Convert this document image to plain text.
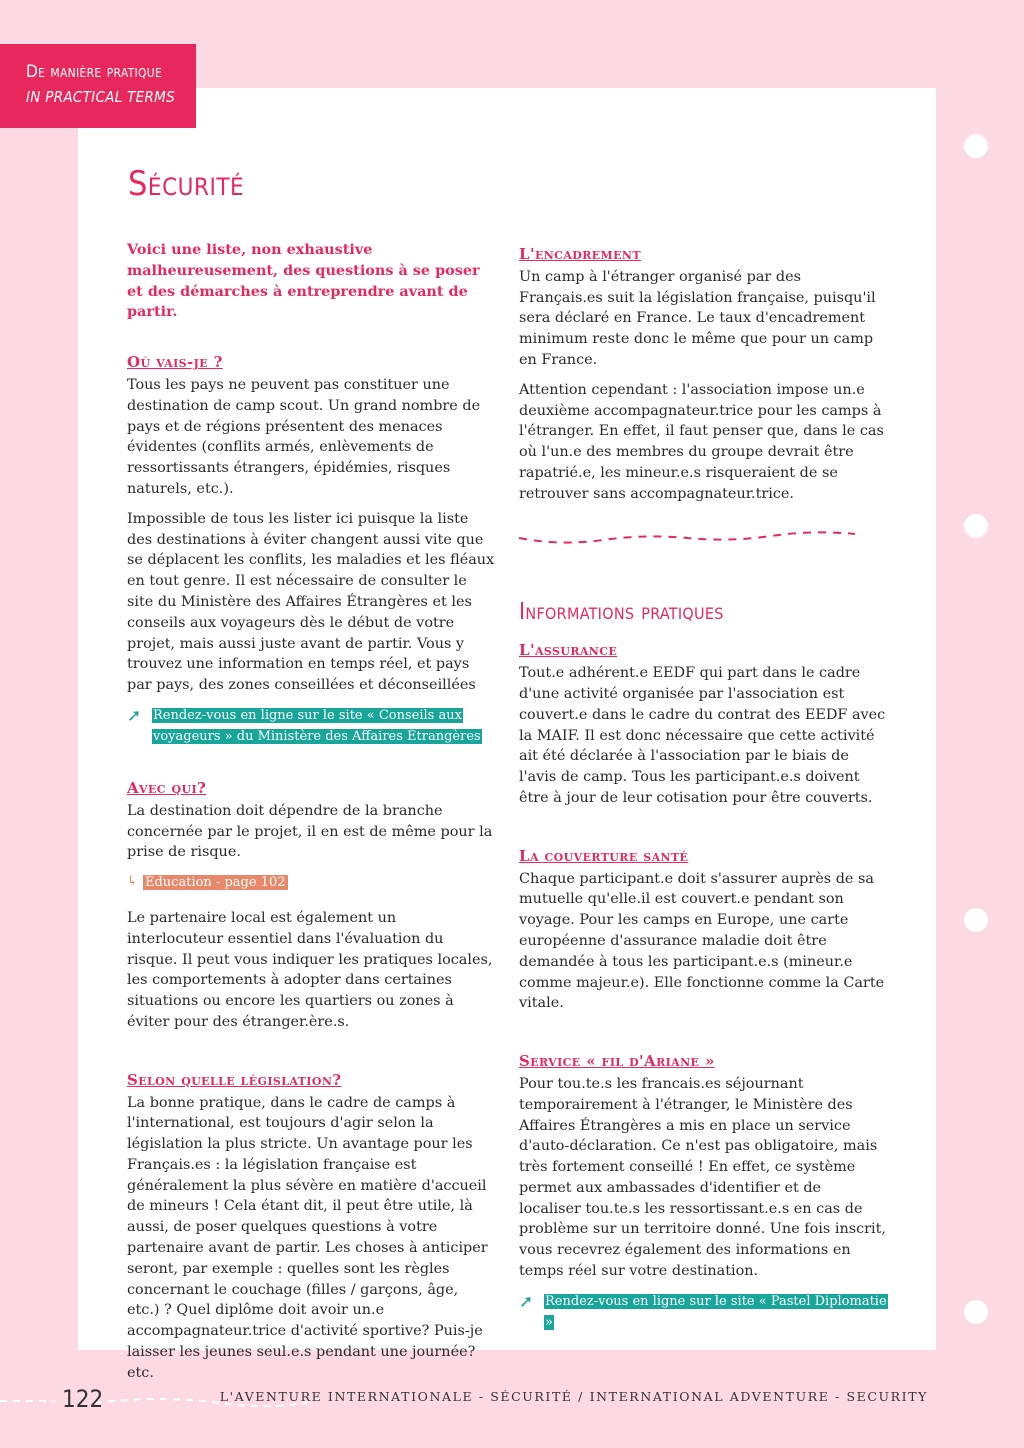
De manière pratique
IN PRACTICAL TERMS
Sécurité

Voici une liste, non exhaustive malheureusement, des questions à se poser et des démarches à entreprendre avant de partir.

Où vais-je ?

Tous les pays ne peuvent pas constituer une destination de camp scout. Un grand nombre de pays et de régions présentent des menaces évidentes (conflits armés, enlèvements de ressortissants étrangers, épidémies, risques naturels, etc.).

Impossible de tous les lister ici puisque la liste des destinations à éviter changent aussi vite que se déplacent les conflits, les maladies et les fléaux en tout genre. Il est nécessaire de consulter le site du Ministère des Affaires Étrangères et les conseils aux voyageurs dès le début de votre projet, mais aussi juste avant de partir. Vous y trouvez une information en temps réel, et pays par pays, des zones conseillées et déconseillées

➚ Rendez-vous en ligne sur le site « Conseils aux voyageurs » du Ministère des Affaires Étrangères
Avec qui?

La destination doit dépendre de la branche concernée par le projet, il en est de même pour la prise de risque.

↳ Éducation - page 102

Le partenaire local est également un interlocuteur essentiel dans l'évaluation du risque. Il peut vous indiquer les pratiques locales, les comportements à adopter dans certaines situations ou encore les quartiers ou zones à éviter pour des étranger.ère.s.

Selon quelle législation?

La bonne pratique, dans le cadre de camps à l'international, est toujours d'agir selon la législation la plus stricte. Un avantage pour les Français.es : la législation française est généralement la plus sévère en matière d'accueil de mineurs ! Cela étant dit, il peut être utile, là aussi, de poser quelques questions à votre partenaire avant de partir. Les choses à anticiper seront, par exemple : quelles sont les règles concernant le couchage (filles / garçons, âge, etc.) ? Quel diplôme doit avoir un.e accompagnateur.trice d'activité sportive? Puis-je laisser les jeunes seul.e.s pendant une journée? etc.

L'encadrement

Un camp à l'étranger organisé par des Français.es suit la législation française, puisqu'il sera déclaré en France. Le taux d'encadrement minimum reste donc le même que pour un camp en France.

Attention cependant : l'association impose un.e deuxième accompagnateur.trice pour les camps à l'étranger. En effet, il faut penser que, dans le cas où l'un.e des membres du groupe devrait être rapatrié.e, les mineur.e.s risqueraient de se retrouver sans accompagnateur.trice.

Informations pratiques
L'assurance

Tout.e adhérent.e EEDF qui part dans le cadre d'une activité organisée par l'association est couvert.e dans le cadre du contrat des EEDF avec la MAIF. Il est donc nécessaire que cette activité ait été déclarée à l'association par le biais de l'avis de camp. Tous les participant.e.s doivent être à jour de leur cotisation pour être couverts.

La couverture santé

Chaque participant.e doit s'assurer auprès de sa mutuelle qu'elle.il est couvert.e pendant son voyage. Pour les camps en Europe, une carte européenne d'assurance maladie doit être demandée à tous les participant.e.s (mineur.e comme majeur.e). Elle fonctionne comme la Carte vitale.

Service « fil d'Ariane »

Pour tou.te.s les francais.es séjournant temporairement à l'étranger, le Ministère des Affaires Étrangères a mis en place un service d'auto-déclaration. Ce n'est pas obligatoire, mais très fortement conseillé ! En effet, ce système permet aux ambassades d'identifier et de localiser tou.te.s les ressortissant.e.s en cas de problème sur un territoire donné. Une fois inscrit, vous recevrez également des informations en temps réel sur votre destination.

➚ Rendez-vous en ligne sur le site « Pastel Diplomatie »
122	L'AVENTURE INTERNATIONALE - SÉCURITÉ / INTERNATIONAL ADVENTURE - SECURITY
